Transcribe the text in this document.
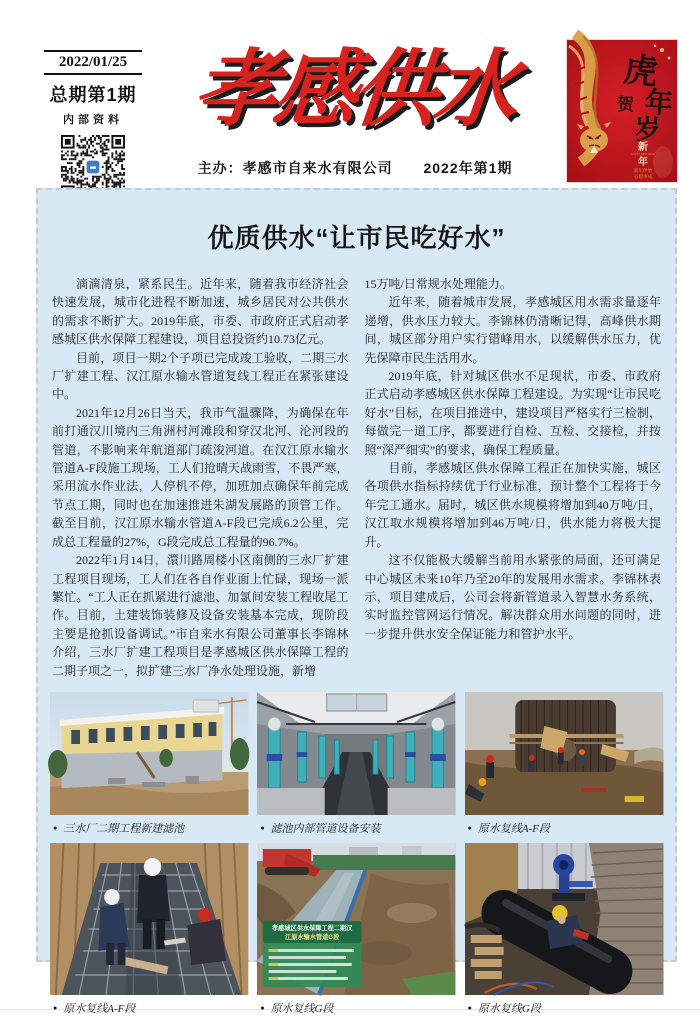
2022/01/25
总期第1期
内部资料 孝感供水
主办：孝感市自来水有限公司 2022年第1期
虎
贺 年
岁
新
HAPPY NEW YEAR
年
新年伊始
心想事成
优质供水“让市民吃好水”

滴滴清泉，紧系民生。近年来，随着我市经济社会快速发展，城市化进程不断加速，城乡居民对公共供水的需求不断扩大。2019年底，市委、市政府正式启动孝感城区供水保障工程建设，项目总投资约10.73亿元。

目前，项目一期2个子项已完成竣工验收，二期三水厂扩建工程、汉江原水输水管道复线工程正在紧张建设中。

2021年12月26日当天，我市气温骤降，为确保在年前打通汉川境内三角洲村河滩段和穿汉北河、沦河段的管道，不影响来年航道部门疏浚河道。在汉江原水输水管道A-F段施工现场，工人们抢晴天战雨雪，不畏严寒，采用流水作业法，人停机不停，加班加点确保年前完成节点工期，同时也在加速推进朱湖发展路的顶管工作。截至目前，汉江原水输水管道A-F段已完成6.2公里，完成总工程量的27%，G段完成总工程量的96.7%。

2022年1月14日，澴川路周楼小区南侧的三水厂扩建工程项目现场，工人们在各自作业面上忙碌，现场一派繁忙。“工人正在抓紧进行滤池、加氯间安装工程收尾工作。目前，土建装饰装修及设备安装基本完成，现阶段主要是抢抓设备调试。”市自来水有限公司董事长李锦林介绍，三水厂扩建工程项目是孝感城区供水保障工程的二期子项之一，拟扩建三水厂净水处理设施，新增

15万吨/日常规水处理能力。

近年来，随着城市发展，孝感城区用水需求量逐年递增，供水压力较大。李锦林仍清晰记得，高峰供水期间，城区部分用户实行错峰用水，以缓解供水压力，优先保障市民生活用水。

2019年底，针对城区供水不足现状，市委、市政府正式启动孝感城区供水保障工程建设。为实现“让市民吃好水”目标，在项目推进中，建设项目严格实行三检制，每做完一道工序，都要进行自检、互检、交接检，并按照“深严细实”的要求，确保工程质量。

目前，孝感城区供水保障工程正在加快实施，城区各项供水指标持续优于行业标准，预计整个工程将于今年完工通水。届时，城区供水规模将增加到40万吨/日，汉江取水规模将增加到46万吨/日，供水能力将极大提升。

这不仅能极大缓解当前用水紧张的局面，还可满足中心城区未来10年乃至20年的发展用水需求。李锦林表示，项目建成后，公司会将新管道录入智慧水务系统，实时监控管网运行情况。解决群众用水问题的同时，进一步提升供水安全保证能力和管护水平。

● 三水厂二期工程新建滤池	● 滤池内部管道设备安装	● 原水复线A-F段
● 原水复线A-F段
孝感城区供水保障工程二期汉
江原水输水管道G段
● 原水复线G段	● 原水复线G段
